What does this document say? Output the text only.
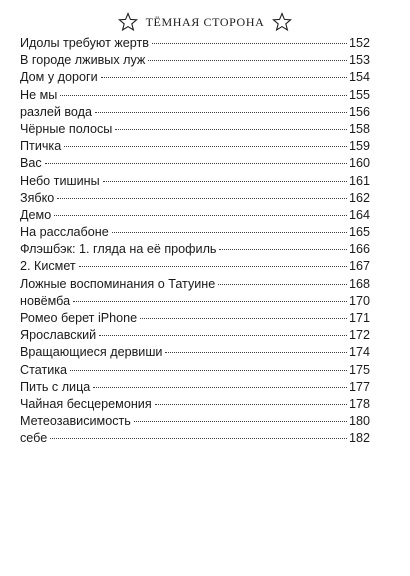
ТЁМНАЯ СТОРОНА
Идолы требуют жертв	152
В городе лживых луж	153
Дом у дороги	154
Не мы	155
разлей вода	156
Чёрные полосы	158
Птичка	159
Вас	160
Небо тишины	161
Зябко	162
Демо	164
На расслабоне	165
Флэшбэк: 1. гляда на её профиль	166
2. Кисмет	167
Ложные воспоминания о Татуине	168
новёмба	170
Ромео берет iPhone	171
Ярославский	172
Вращающиеся дервиши	174
Статика	175
Пить с лица	177
Чайная бесцеремония	178
Метеозависимость	180
себе	182
